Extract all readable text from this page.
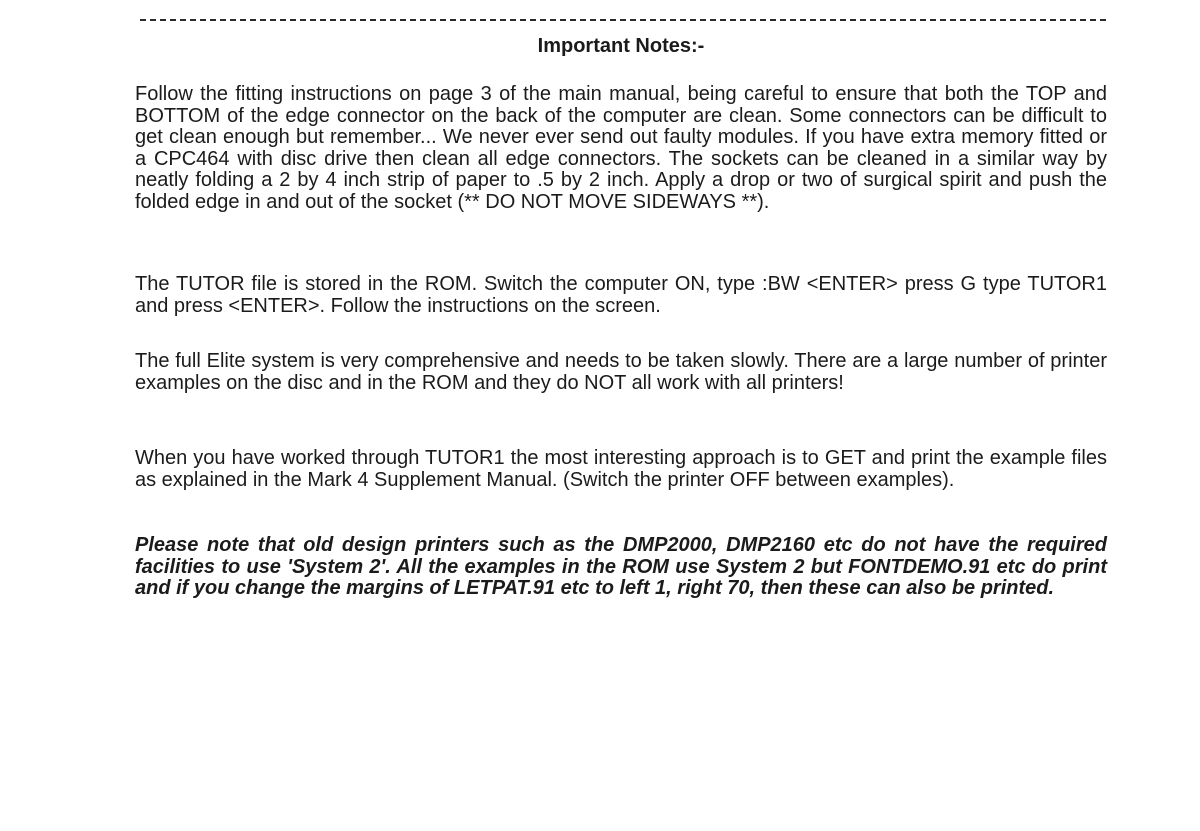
Important Notes:-

Follow the fitting instructions on page 3 of the main manual, being careful to ensure that both the TOP and BOTTOM of the edge connector on the back of the computer are clean. Some connectors can be difficult to get clean enough but remember... We never ever send out faulty modules. If you have extra memory fitted or a CPC464 with disc drive then clean all edge connectors. The sockets can be cleaned in a similar way by neatly folding a 2 by 4 inch strip of paper to .5 by 2 inch. Apply a drop or two of surgical spirit and push the folded edge in and out of the socket (** DO NOT MOVE SIDEWAYS **).

The TUTOR file is stored in the ROM. Switch the computer ON, type :BW <ENTER> press G type TUTOR1 and press <ENTER>. Follow the instructions on the screen.

The full Elite system is very comprehensive and needs to be taken slowly. There are a large number of printer examples on the disc and in the ROM and they do NOT all work with all printers!

When you have worked through TUTOR1 the most interesting approach is to GET and print the example files as explained in the Mark 4 Supplement Manual. (Switch the printer OFF between examples).

Please note that old design printers such as the DMP2000, DMP2160 etc do not have the required facilities to use 'System 2'. All the examples in the ROM use System 2 but FONTDEMO.91 etc do print and if you change the margins of LETPAT.91 etc to left 1, right 70, then these can also be printed.
